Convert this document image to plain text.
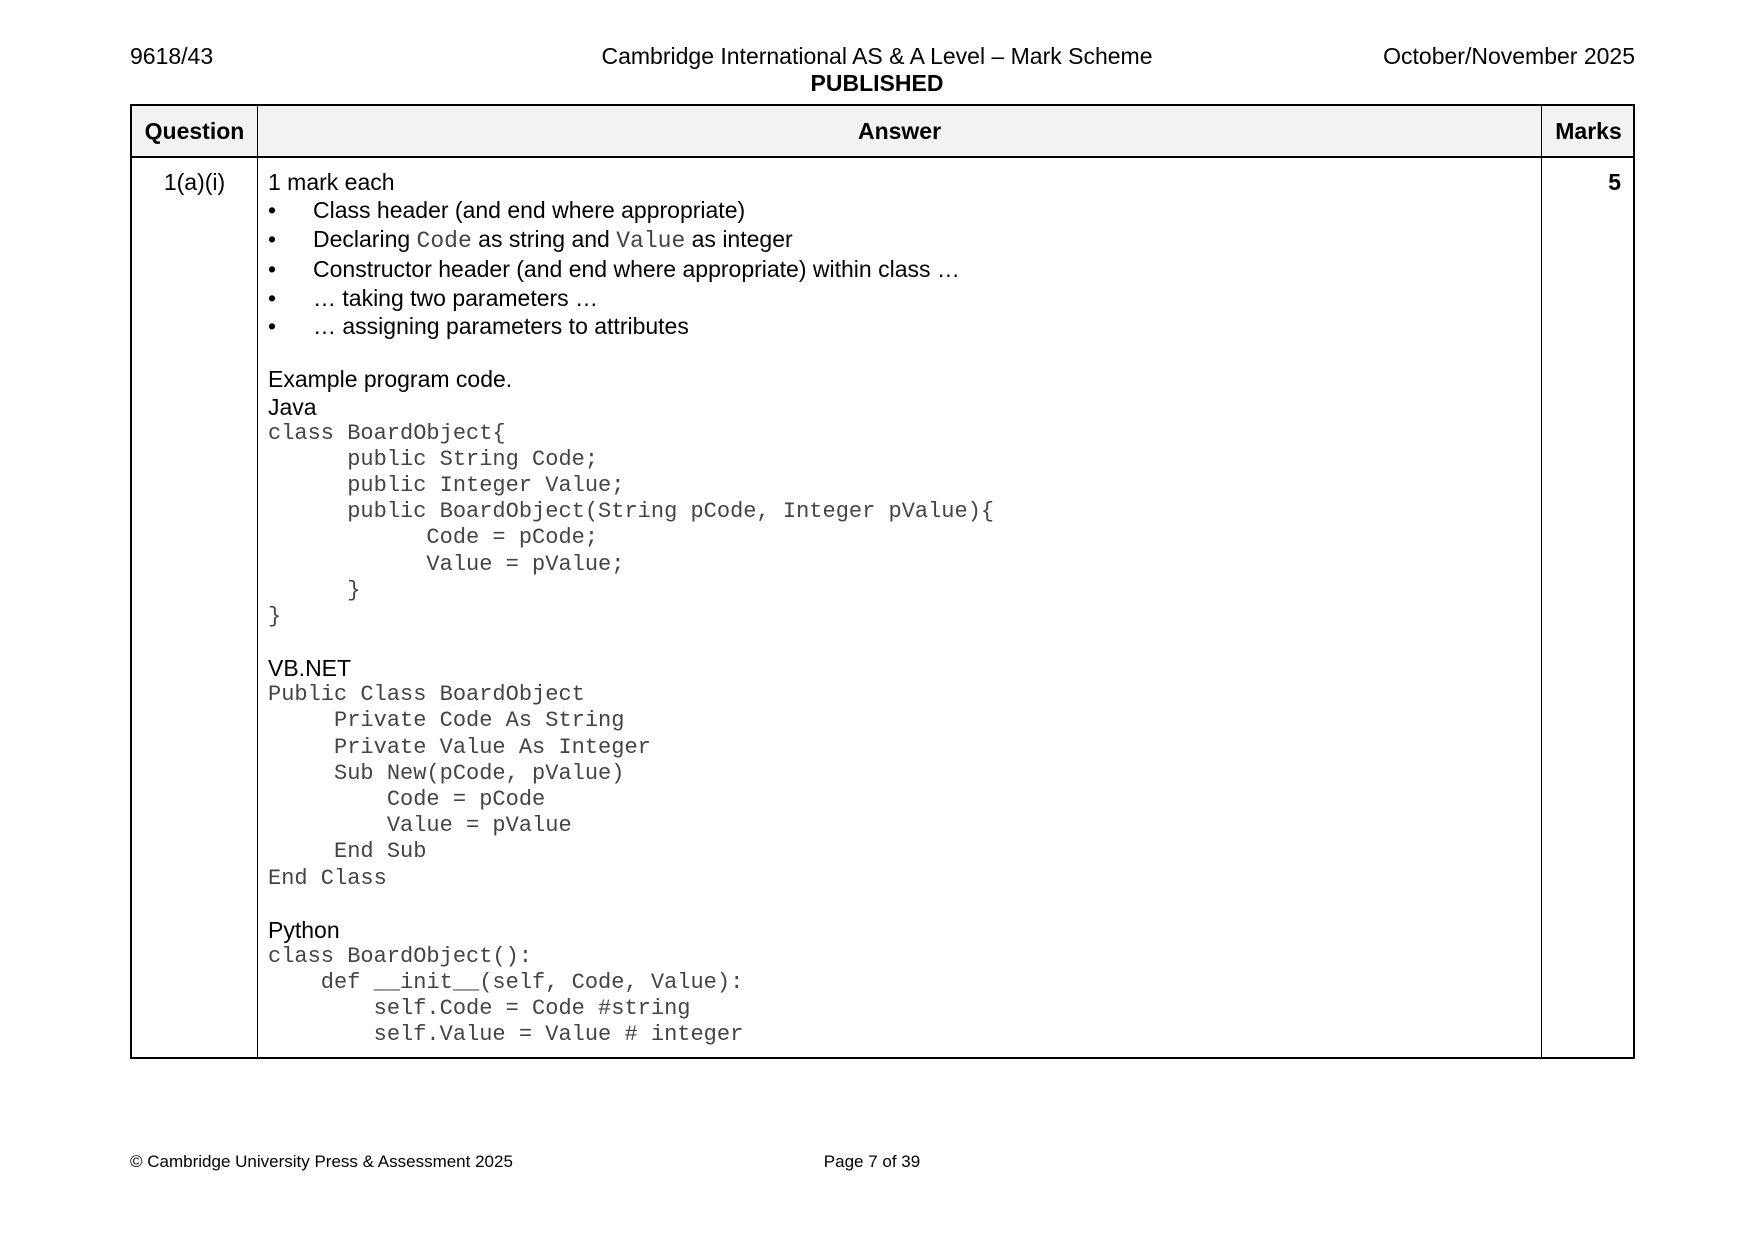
9618/43	Cambridge International AS & A Level – Mark Scheme
PUBLISHED
October/November 2025
Question	Answer	Marks
1(a)(i)	1 mark each
• Class header (and end where appropriate)
• Declaring Code as string and Value as integer
• Constructor header (and end where appropriate) within class …
• … taking two parameters …
• … assigning parameters to attributes
Example program code.
Java
class BoardObject{
public String Code;
public Integer Value;
public BoardObject(String pCode, Integer pValue){
Code = pCode;
Value = pValue;
}
}
VB.NET
Public Class BoardObject
Private Code As String
Private Value As Integer
Sub New(pCode, pValue)
Code = pCode
Value = pValue
End Sub
End Class
Python
class BoardObject():
def __init__(self, Code, Value):
self.Code = Code #string
self.Value = Value # integer
5
© Cambridge University Press & Assessment 2025	Page 7 of 39
